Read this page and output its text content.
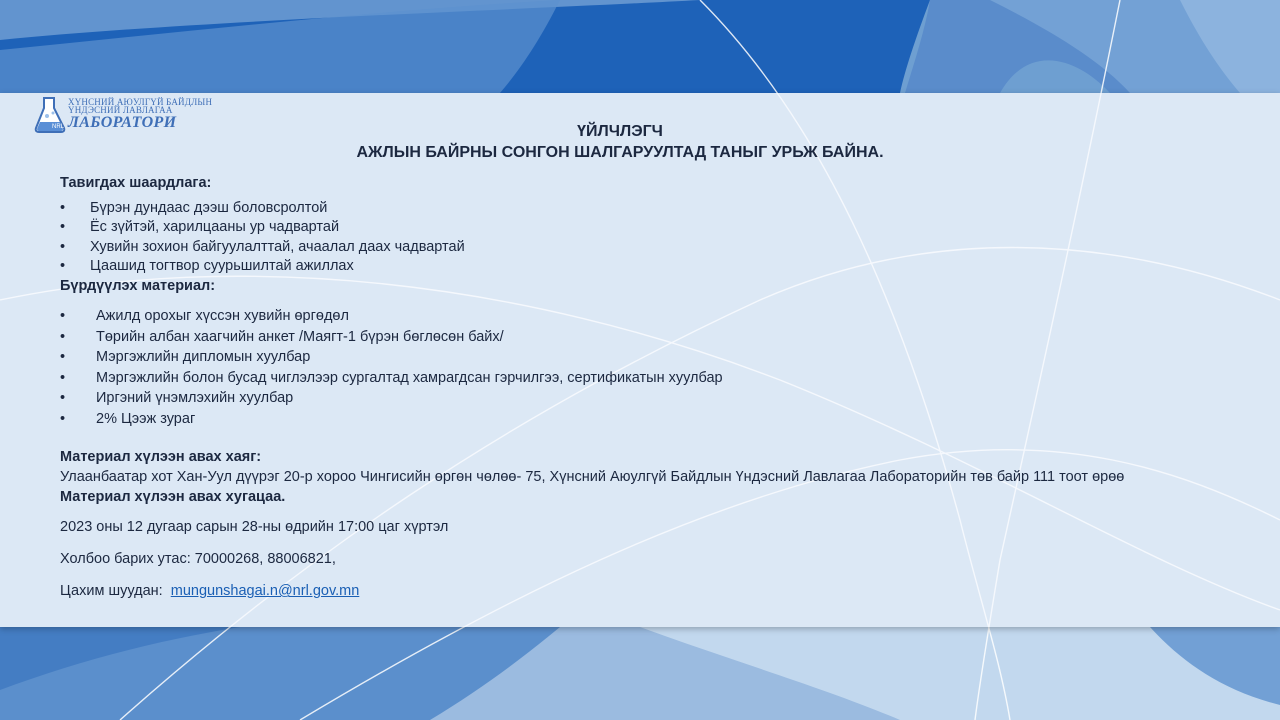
NRL
ХҮНСНИЙ АЮУЛГҮЙ БАЙДЛЫН
ҮНДЭСНИЙ ЛАВЛАГАА
ЛАБОРАТОРИ
ҮЙЛЧЛЭГЧ
АЖЛЫН БАЙРНЫ СОНГОН ШАЛГАРУУЛТАД ТАНЫГ УРЬЖ БАЙНА.
Тавигдах шаардлага:
• Бүрэн дундаас дээш боловсролтой
• Ёс зүйтэй, харилцааны ур чадвартай
• Хувийн зохион байгуулалттай, ачаалал даах чадвартай
• Цаашид тогтвор суурьшилтай ажиллах
Бүрдүүлэх материал:
• Ажилд орохыг хүссэн хувийн өргөдөл
• Төрийн албан хаагчийн анкет /Маягт-1 бүрэн бөглөсөн байх/
• Мэргэжлийн дипломын хуулбар
• Мэргэжлийн болон бусад чиглэлээр сургалтад хамрагдсан гэрчилгээ, сертификатын хуулбар
• Иргэний үнэмлэхийн хуулбар
• 2% Цээж зураг
Материал хүлээн авах хаяг:
Улаанбаатар хот Хан-Уул дүүрэг 20-р хороо Чингисийн өргөн чөлөө- 75, Хүнсний Аюулгүй Байдлын Үндэсний Лавлагаа Лабораторийн төв байр 111 тоот өрөө
Материал хүлээн авах хугацаа.
2023 оны 12 дугаар сарын 28-ны өдрийн 17:00 цаг хүртэл
Холбоо барих утас: 70000268, 88006821,
Цахим шуудан: mungunshagai.n@nrl.gov.mn
